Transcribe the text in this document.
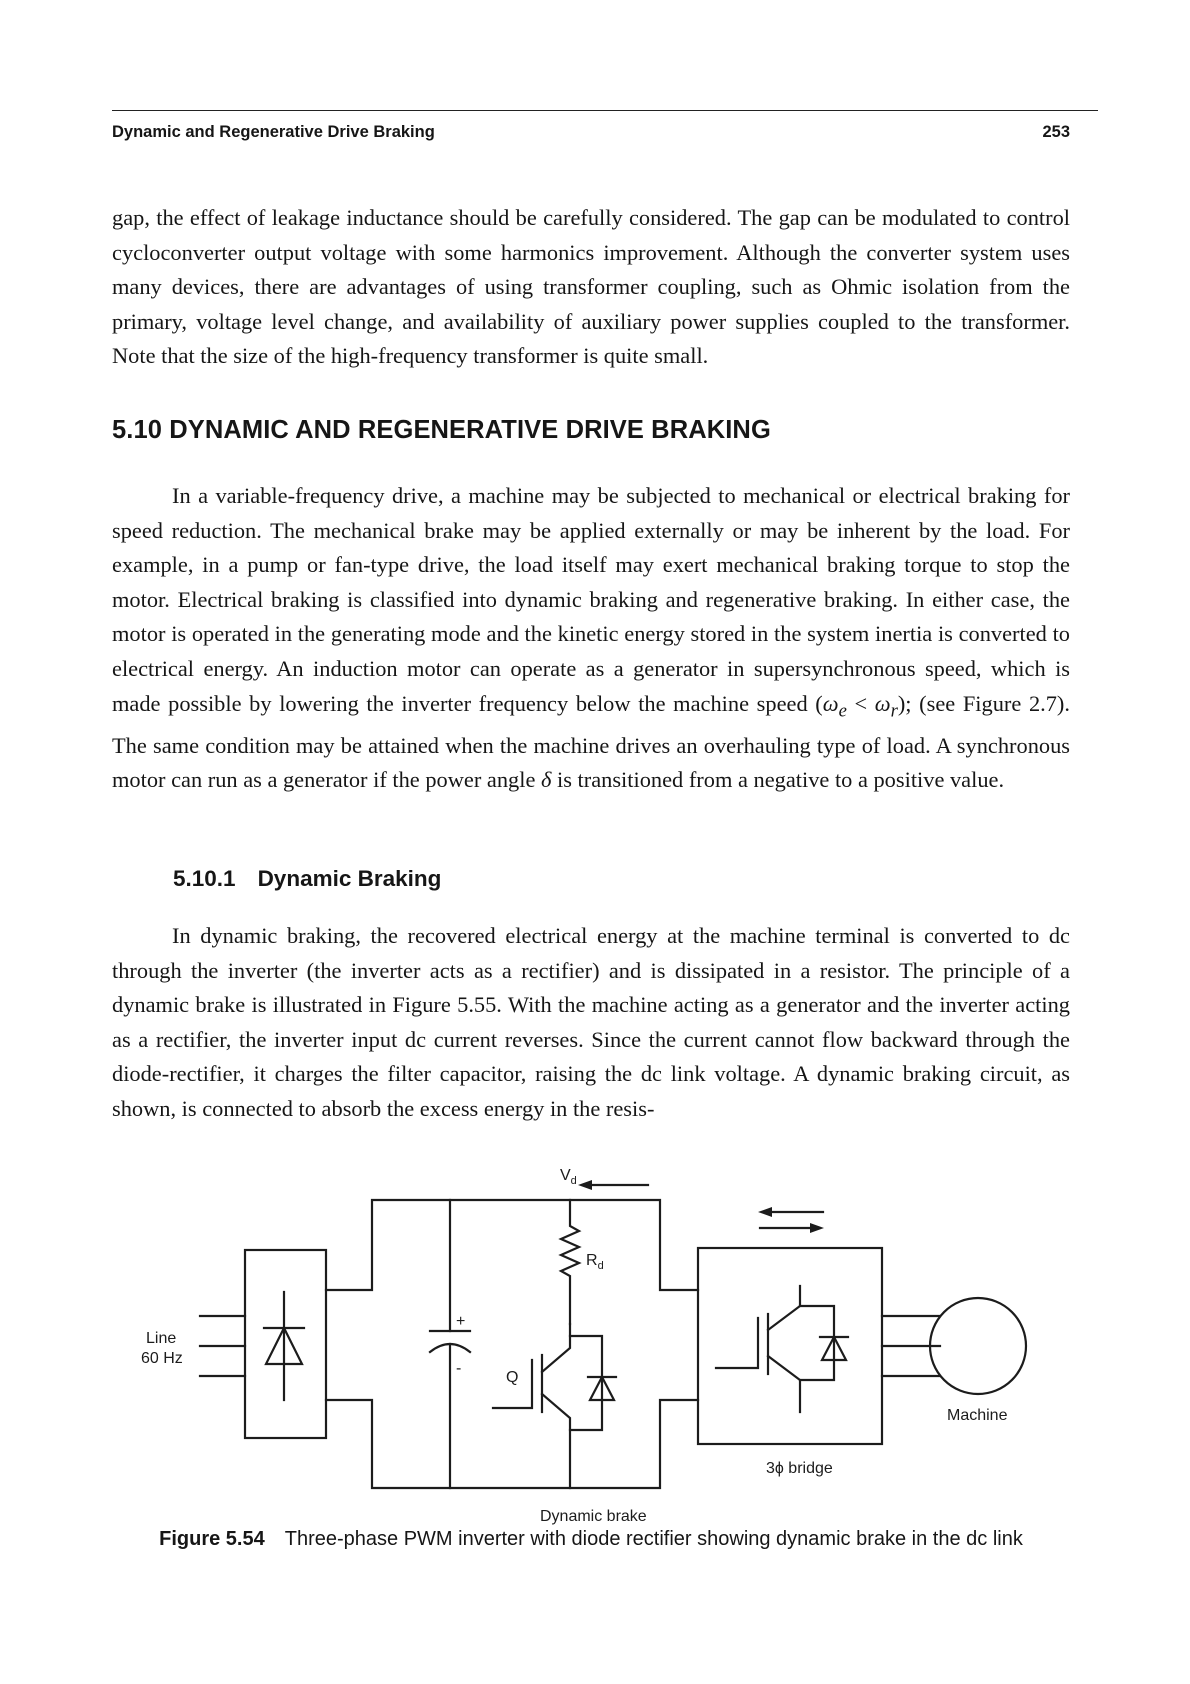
Dynamic and Regenerative Drive Braking	253

gap, the effect of leakage inductance should be carefully considered. The gap can be modulated to control cycloconverter output voltage with some harmonics improvement. Although the converter system uses many devices, there are advantages of using transformer coupling, such as Ohmic isolation from the primary, voltage level change, and availability of auxiliary power supplies coupled to the transformer. Note that the size of the high-frequency transformer is quite small.

5.10 DYNAMIC AND REGENERATIVE DRIVE BRAKING

In a variable-frequency drive, a machine may be subjected to mechanical or electrical braking for speed reduction. The mechanical brake may be applied externally or may be inherent by the load. For example, in a pump or fan-type drive, the load itself may exert mechanical braking torque to stop the motor. Electrical braking is classified into dynamic braking and regenerative braking. In either case, the motor is operated in the generating mode and the kinetic energy stored in the system inertia is converted to electrical energy. An induction motor can operate as a generator in supersynchronous speed, which is made possible by lowering the inverter frequency below the machine speed $(\omega_e < \omega_r)$; (see Figure 2.7). The same condition may be attained when the machine drives an overhauling type of load. A synchronous motor can run as a generator if the power angle δ is transitioned from a negative to a positive value.

5.10.1 Dynamic Braking

In dynamic braking, the recovered electrical energy at the machine terminal is converted to dc through the inverter (the inverter acts as a rectifier) and is dissipated in a resistor. The principle of a dynamic brake is illustrated in Figure 5.55. With the machine acting as a generator and the inverter acting as a rectifier, the inverter input dc current reverses. Since the current cannot flow backward through the diode-rectifier, it charges the filter capacitor, raising the dc link voltage. A dynamic braking circuit, as shown, is connected to absorb the excess energy in the resis-

$V_d$
$R_d$
Line
60 Hz
+
-
Q
Machine
3ϕ bridge
Dynamic brake
Figure 5.54 Three-phase PWM inverter with diode rectifier showing dynamic brake in the dc link
